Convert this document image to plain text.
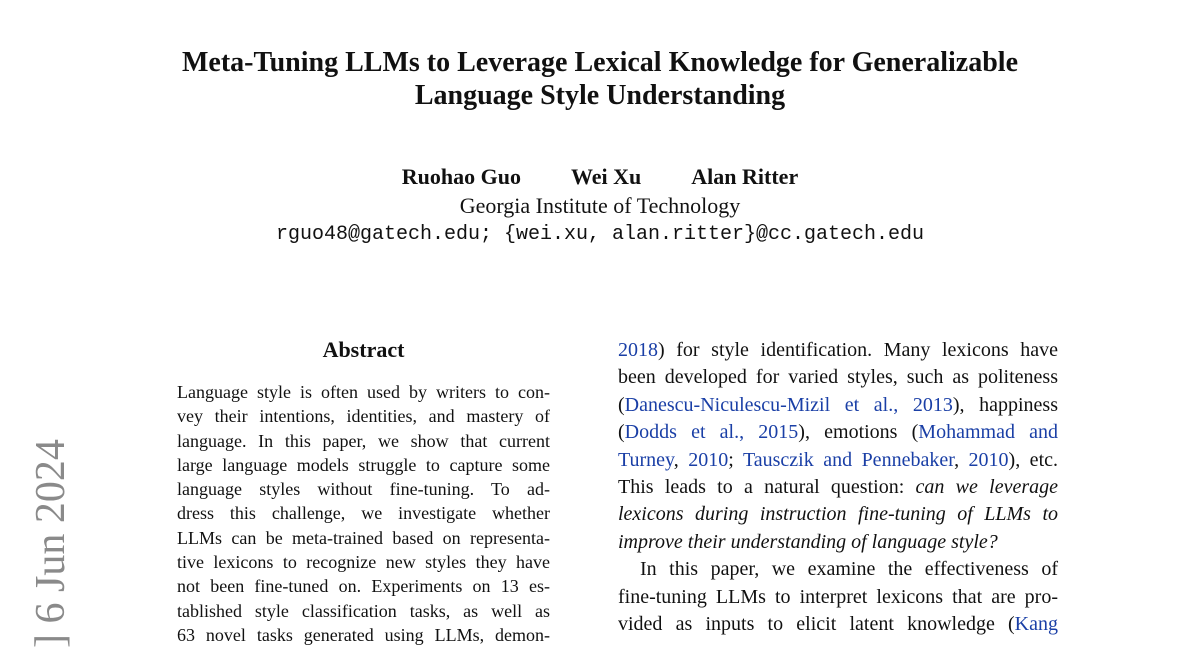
Meta-Tuning LLMs to Leverage Lexical Knowledge for Generalizable
Language Style Understanding
Ruohao Guo Wei Xu Alan Ritter
Georgia Institute of Technology
rguo48@gatech.edu; {wei.xu, alan.ritter}@cc.gatech.edu
] 6 Jun 2024
Abstract
Language style is often used by writers to con-
vey their intentions, identities, and mastery of
language. In this paper, we show that current
large language models struggle to capture some
language styles without fine-tuning. To ad-
dress this challenge, we investigate whether
LLMs can be meta-trained based on representa-
tive lexicons to recognize new styles they have
not been fine-tuned on. Experiments on 13 es-
tablished style classification tasks, as well as
63 novel tasks generated using LLMs, demon-
2018) for style identification. Many lexicons have
been developed for varied styles, such as politeness
(Danescu-Niculescu-Mizil et al., 2013), happiness
(Dodds et al., 2015), emotions (Mohammad and
Turney, 2010; Tausczik and Pennebaker, 2010), etc.
This leads to a natural question: can we leverage
lexicons during instruction fine-tuning of LLMs to
improve their understanding of language style?
In this paper, we examine the effectiveness of
fine-tuning LLMs to interpret lexicons that are pro-
vided as inputs to elicit latent knowledge (Kang
